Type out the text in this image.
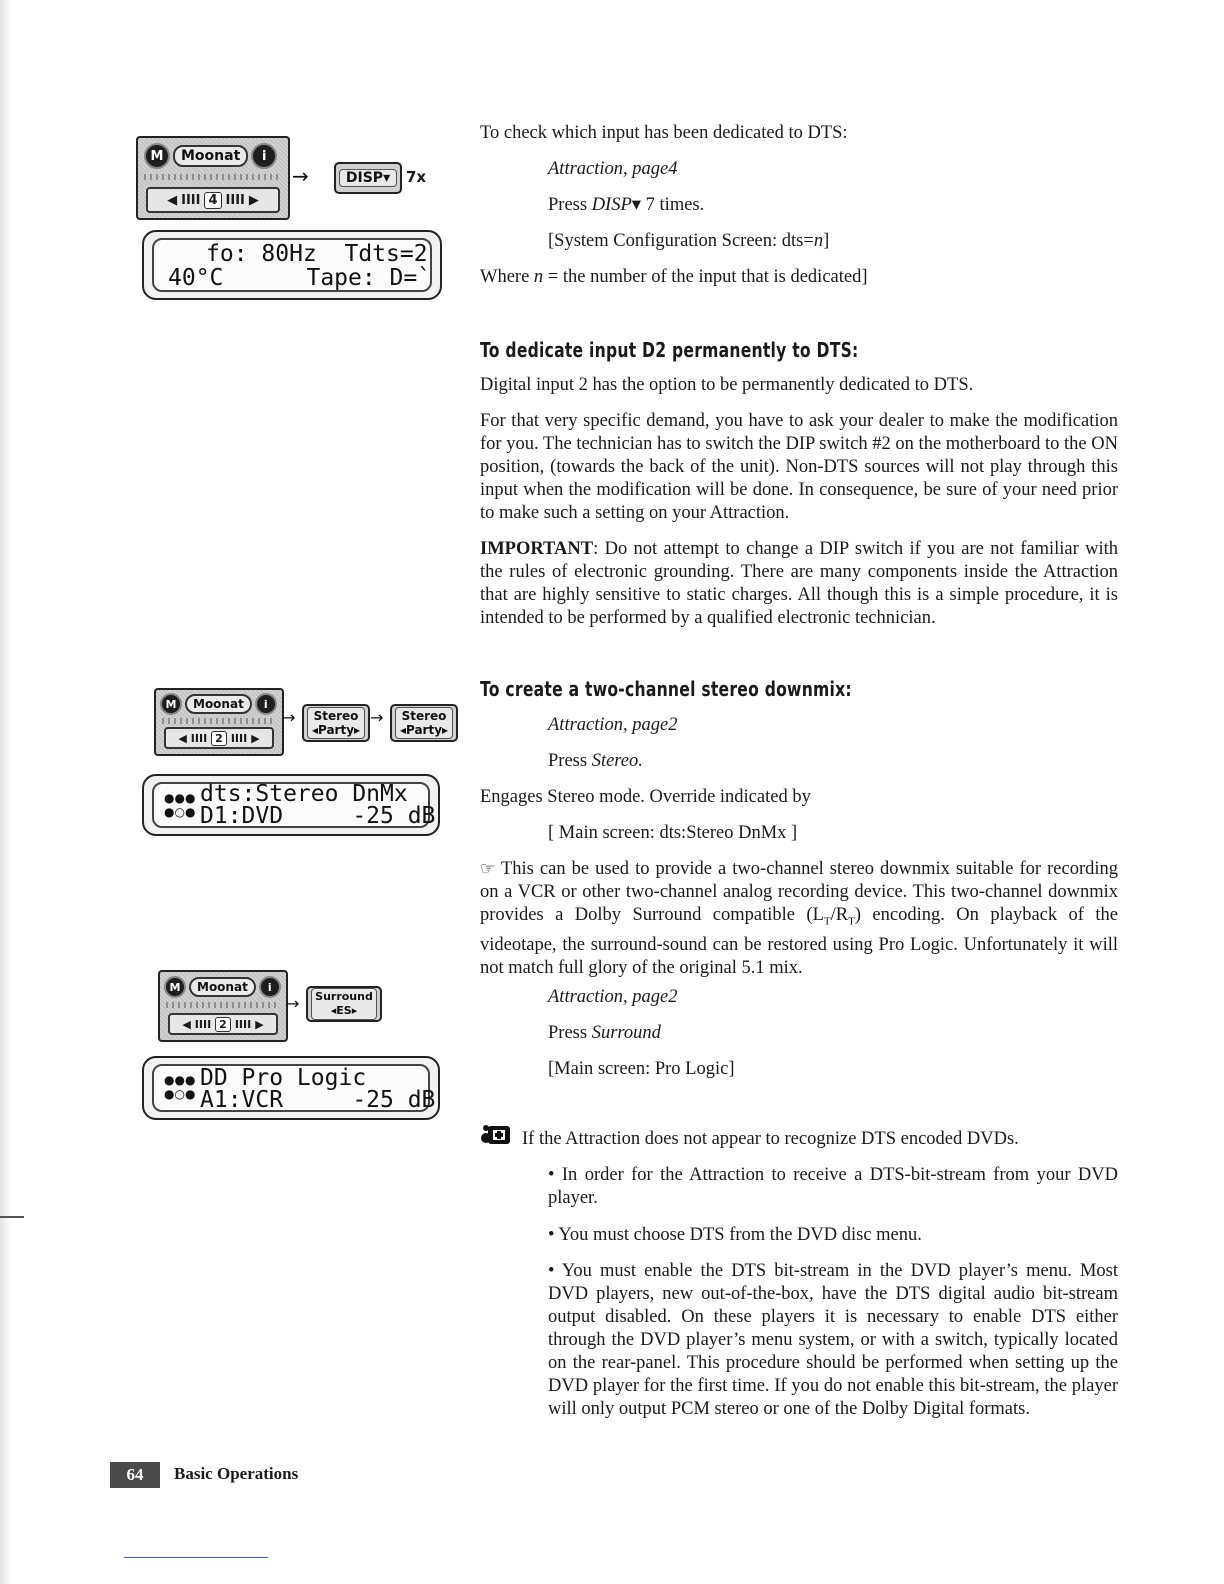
M	Moonat	i
◀ IIII 4 IIII ▶
→	DISP▾	7x
fo: 80Hz  Tdts=2
40°C      Tape: D=`
M	Moonat	i
◀ IIII 2 IIII ▶
→ Stereo
◂Party▸
→ Stereo
◂Party▸
●●●
●○●
dts:Stereo DnMx
D1:DVD     -25 dB
M	Moonat	i
◀ IIII 2 IIII ▶
→ Surround
◂ES▸
●●●
●○●
DD Pro Logic
A1:VCR     -25 dB

To check which input has been dedicated to DTS:

Attraction, page4

Press DISP▾ 7 times.

[System Configuration Screen: dts=n]

Where n = the number of the input that is dedicated]

To dedicate input D2 permanently to DTS:

Digital input 2 has the option to be permanently dedicated to DTS.

For that very specific demand, you have to ask your dealer to make the modification for you. The technician has to switch the DIP switch #2 on the motherboard to the ON position, (towards the back of the unit). Non-DTS sources will not play through this input when the modification will be done. In consequence, be sure of your need prior to make such a setting on your Attraction.

IMPORTANT: Do not attempt to change a DIP switch if you are not familiar with the rules of electronic grounding. There are many components inside the Attraction that are highly sensitive to static charges. All though this is a simple procedure, it is intended to be performed by a qualified electronic technician.

To create a two-channel stereo downmix:

Attraction, page2

Press Stereo.

Engages Stereo mode. Override indicated by

[ Main screen: dts:Stereo DnMx ]

☞ This can be used to provide a two-channel stereo downmix suitable for recording on a VCR or other two-channel analog recording device. This two-channel downmix provides a Dolby Surround compatible $(L_T/R_T)$ encoding. On playback of the videotape, the surround-sound can be restored using Pro Logic. Unfortunately it will not match full glory of the original 5.1 mix.

Attraction, page2

Press Surround

[Main screen: Pro Logic]

If the Attraction does not appear to recognize DTS encoded DVDs.

• In order for the Attraction to receive a DTS-bit-stream from your DVD player.

• You must choose DTS from the DVD disc menu.

• You must enable the DTS bit-stream in the DVD player’s menu. Most DVD players, new out-of-the-box, have the DTS digital audio bit-stream output disabled. On these players it is necessary to enable DTS either through the DVD player’s menu system, or with a switch, typically located on the rear-panel. This procedure should be performed when setting up the DVD player for the first time. If you do not enable this bit-stream, the player will only output PCM stereo or one of the Dolby Digital formats.

64	Basic Operations
